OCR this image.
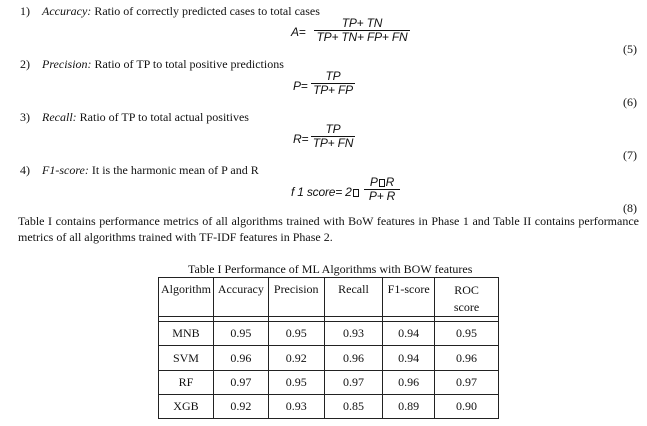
1) Accuracy: Ratio of correctly predicted cases to total cases
A=
TP+ TN
TP+ TN+ FP+ FN
(5)
2) Precision: Ratio of TP to total positive predictions
P=
TP
TP+ FP
(6)
3) Recall: Ratio of TP to total actual positives
R=
TP
TP+ FN
(7)
4) F1-score: It is the harmonic mean of P and R
f 1 score= 2
P R
P+ R
(8)
Table I contains performance metrics of all algorithms trained with BoW features in Phase 1 and Table II contains performance metrics of all algorithms trained with TF-IDF features in Phase 2.
Table I Performance of ML Algorithms with BOW features
Algorithm	Accuracy	Precision	Recall	F1-score	ROC score

MNB	0.95	0.95	0.93	0.94	0.95
SVM	0.96	0.92	0.96	0.94	0.96
RF	0.97	0.95	0.97	0.96	0.97
XGB	0.92	0.93	0.85	0.89	0.90
